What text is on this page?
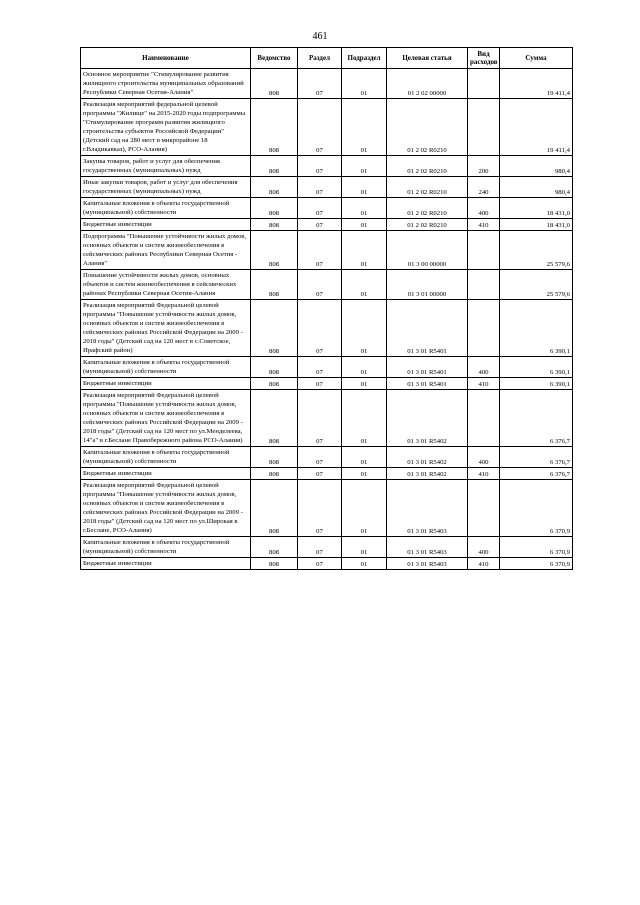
461
Наименование	Ведомство	Раздел	Подраздел	Целевая статья	Вид расходов	Сумма
Основное мероприятие "Стимулирование развития жилищного строительства муниципальных образований Республики Северная Осетия-Алания"	808	07	01	01 2 02 00000		19 411,4
Реализация мероприятий федеральной целевой программы "Жилище" на 2015-2020 годы подпрограммы "Стимулирование программ развития жилищного строительства субъектов Российской Федерации" (Детский сад на 280 мест в микрорайоне 18 г.Владикавказ), РСО-Алания)	808	07	01	01 2 02 R0210		19 411,4
Закупка товаров, работ и услуг для обеспечения государственных (муниципальных) нужд	808	07	01	01 2 02 R0210	200	980,4
Иные закупки товаров, работ и услуг для обеспечения государственных (муниципальных) нужд	808	07	01	01 2 02 R0210	240	980,4
Капитальные вложения в объекты государственной (муниципальной) собственности	808	07	01	01 2 02 R0210	400	18 431,0
Бюджетные инвестиции	808	07	01	01 2 02 R0210	410	18 431,0
Подпрограмма "Повышение устойчивости жилых домов, основных объектов и систем жизнеобеспечения в сейсмических районах Республики Северная Осетия - Алания"	808	07	01	01 3 00 00000		25 579,6
Повышение устойчивости жилых домов, основных объектов и систем жизнеобеспечения в сейсмических районах Республики Северная Осетия-Алания	808	07	01	01 3 01 00000		25 579,6
Реализация мероприятий Федеральной целевой программы "Повышение устойчивости жилых домов, основных объектов и систем жизнеобеспечения в сейсмических районах Российской Федерации на 2009 - 2018 годы" (Детский сад на 120 мест в с.Советское, Ирафский район)	808	07	01	01 3 01 R5401		6 390,1
Капитальные вложения в объекты государственной (муниципальной) собственности	808	07	01	01 3 01 R5401	400	6 390,1
Бюджетные инвестиции	808	07	01	01 3 01 R5401	410	6 390,1
Реализация мероприятий Федеральной целевой программы "Повышение устойчивости жилых домов, основных объектов и систем жизнеобеспечения в сейсмических районах Российской Федерации на 2009 - 2018 годы" (Детский сад на 120 мест по ул.Менделеева, 14"а" в г.Беслане Правобережного района РСО-Алания)	808	07	01	01 3 01 R5402		6 376,7
Капитальные вложения в объекты государственной (муниципальной) собственности	808	07	01	01 3 01 R5402	400	6 376,7
Бюджетные инвестиции	808	07	01	01 3 01 R5402	410	6 376,7
Реализация мероприятий Федеральной целевой программы "Повышение устойчивости жилых домов, основных объектов и систем жизнеобеспечения в сейсмических районах Российской Федерации на 2009 - 2018 годы" (Детский сад на 120 мест по ул.Широкая в г.Беслане, РСО-Алания)	808	07	01	01 3 01 R5403		6 370,9
Капитальные вложения в объекты государственной (муниципальной) собственности	808	07	01	01 3 01 R5403	400	6 370,9
Бюджетные инвестиции	808	07	01	01 3 01 R5403	410	6 370,9
